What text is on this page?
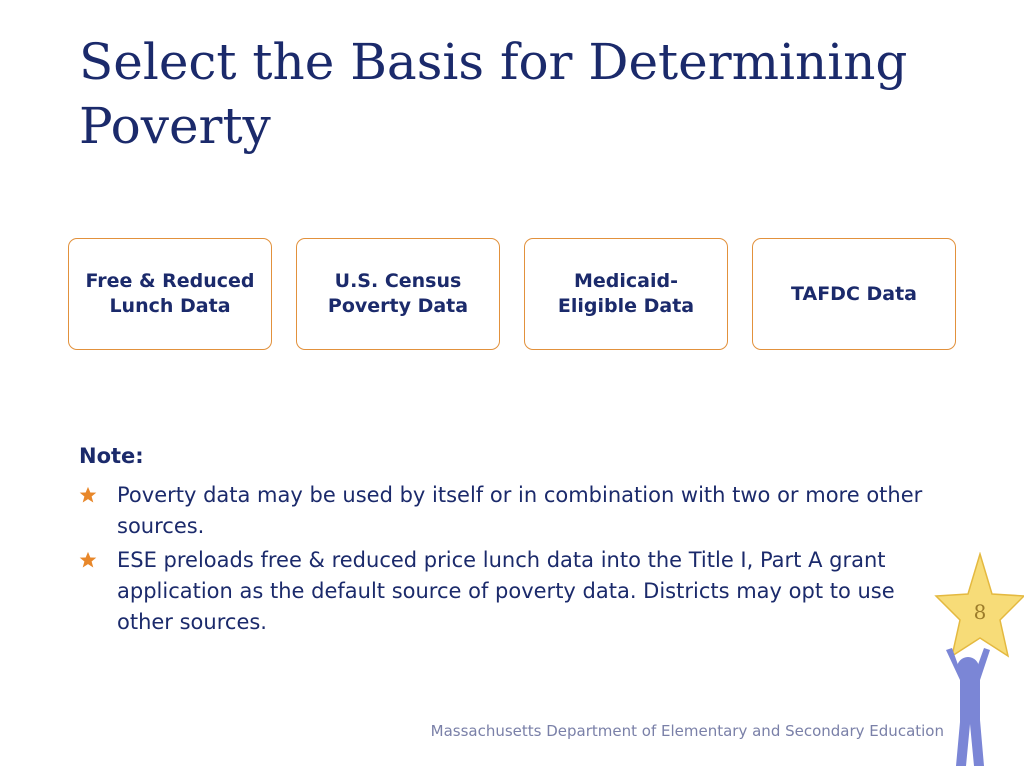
Select the Basis for Determining Poverty
Free & Reduced
Lunch Data
U.S. Census
Poverty Data
Medicaid-
Eligible Data
TAFDC Data
Note:
Poverty data may be used by itself or in combination with two or more other sources.
ESE preloads free & reduced price lunch data into the Title I, Part A grant application as the default source of poverty data. Districts may opt to use other sources.	8
Massachusetts Department of Elementary and Secondary Education
